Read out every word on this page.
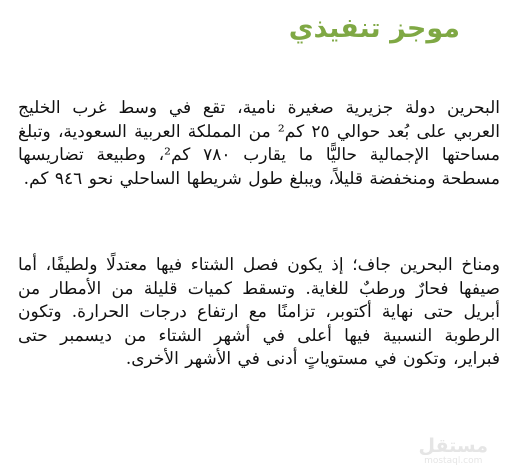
موجز تنفيذي

البحرين دولة جزيرية صغيرة نامية، تقع في وسط غرب الخليج العربي على بُعد حوالي ٢٥ كم² من المملكة العربية السعودية، وتبلغ مساحتها الإجمالية حاليًّا ما يقارب ٧٨٠ كم²، وطبيعة تضاريسها مسطحة ومنخفضة قليلاً، ويبلغ طول شريطها الساحلي نحو ٩٤٦ كم.

ومناخ البحرين جاف؛ إذ يكون فصل الشتاء فيها معتدلًا ولطيفًا، أما صيفها فحارٌ ورطبٌ للغاية. وتسقط كميات قليلة من الأمطار من أبريل حتى نهاية أكتوبر، تزامنًا مع ارتفاع درجات الحرارة. وتكون الرطوبة النسبية فيها أعلى في أشهر الشتاء من ديسمبر حتى فبراير، وتكون في مستوياتٍ أدنى في الأشهر الأخرى.

مستقل
mostaql.com
